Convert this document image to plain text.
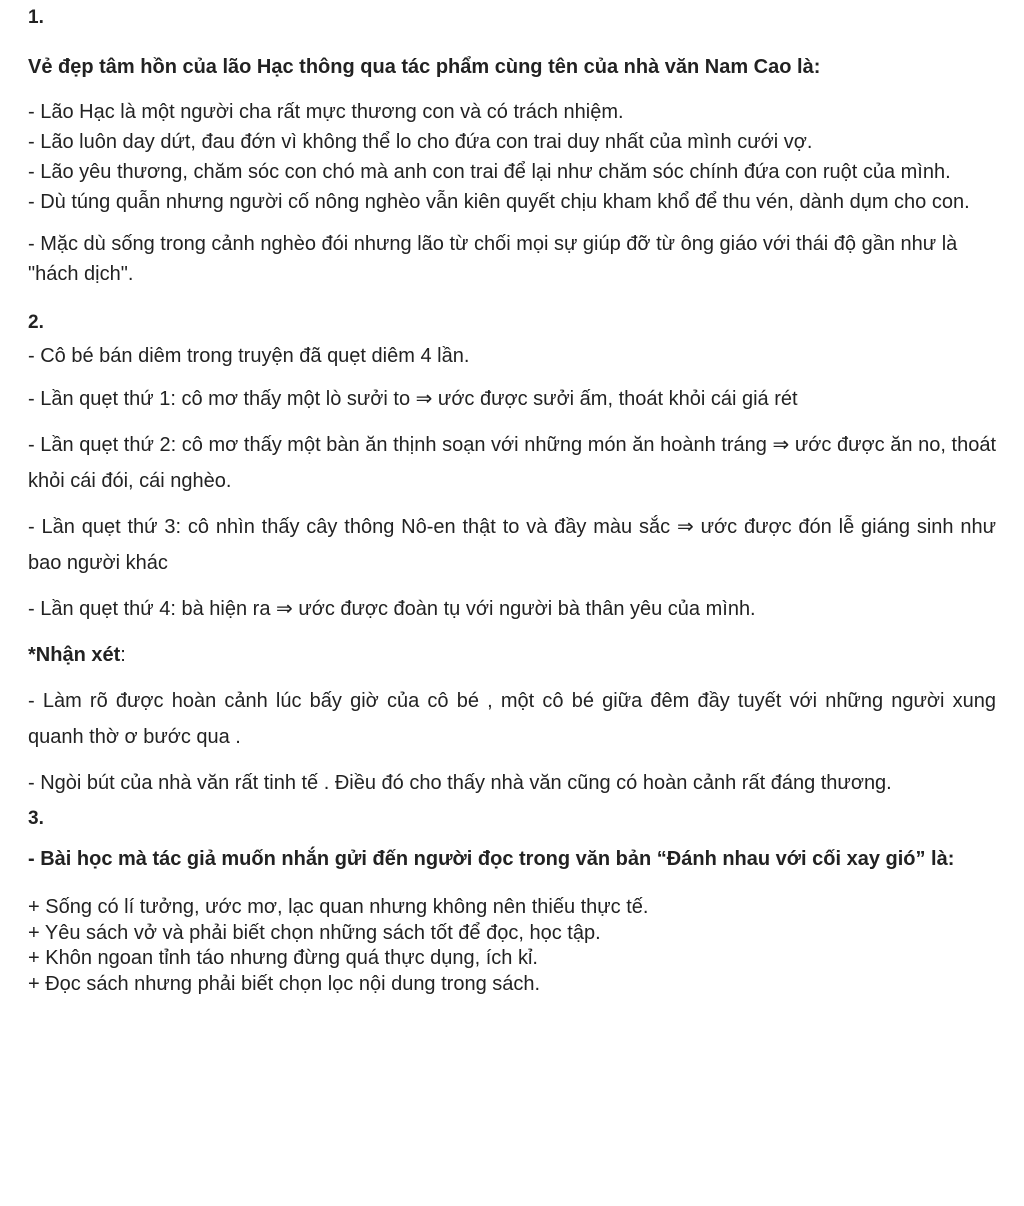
1.

Vẻ đẹp tâm hồn của lão Hạc thông qua tác phẩm cùng tên của nhà văn Nam Cao là:

- Lão Hạc là một người cha rất mực thương con và có trách nhiệm.

- Lão luôn day dứt, đau đớn vì không thể lo cho đứa con trai duy nhất của mình cưới vợ.

- Lão yêu thương, chăm sóc con chó mà anh con trai để lại như chăm sóc chính đứa con ruột của mình.

- Dù túng quẫn nhưng người cố nông nghèo vẫn kiên quyết chịu kham khổ để thu vén, dành dụm cho con.

- Mặc dù sống trong cảnh nghèo đói nhưng lão từ chối mọi sự giúp đỡ từ ông giáo với thái độ gần như là "hách dịch".

2.

- Cô bé bán diêm trong truyện đã quẹt diêm 4 lần.

- Lần quẹt thứ 1: cô mơ thấy một lò sưởi to ⇒ ước được sưởi ấm, thoát khỏi cái giá rét

- Lần quẹt thứ 2: cô mơ thấy một bàn ăn thịnh soạn với những món ăn hoành tráng ⇒ ước được ăn no, thoát khỏi cái đói, cái nghèo.

- Lần quẹt thứ 3: cô nhìn thấy cây thông Nô-en thật to và đầy màu sắc ⇒ ước được đón lễ giáng sinh như bao người khác

- Lần quẹt thứ 4: bà hiện ra ⇒ ước được đoàn tụ với người bà thân yêu của mình.

*Nhận xét:

- Làm rõ được hoàn cảnh lúc bấy giờ của cô bé , một cô bé giữa đêm đầy tuyết với những người xung quanh thờ ơ bước qua .

- Ngòi bút của nhà văn rất tinh tế . Điều đó cho thấy nhà văn cũng có hoàn cảnh rất đáng thương.

3.

- Bài học mà tác giả muốn nhắn gửi đến người đọc trong văn bản “Đánh nhau với cối xay gió” là:

+ Sống có lí tưởng, ước mơ, lạc quan nhưng không nên thiếu thực tế.

+ Yêu sách vở và phải biết chọn những sách tốt để đọc, học tập.

+ Khôn ngoan tỉnh táo nhưng đừng quá thực dụng, ích kỉ.

+ Đọc sách nhưng phải biết chọn lọc nội dung trong sách.
